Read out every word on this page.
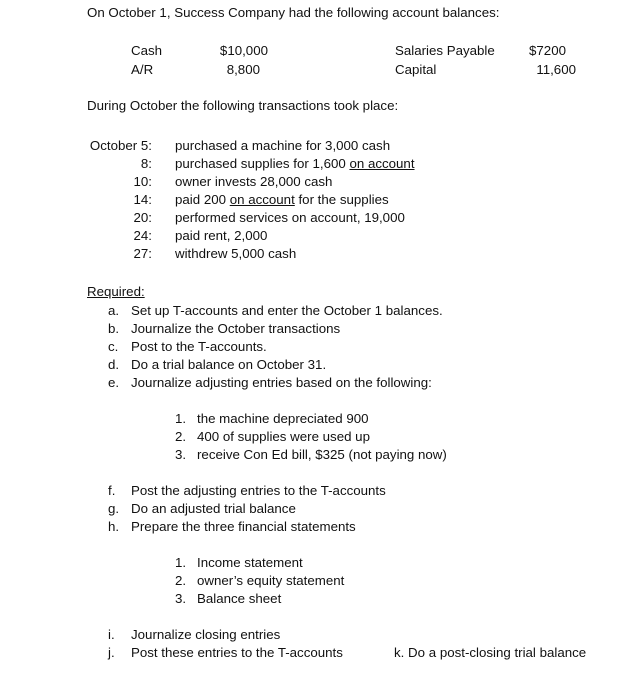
On October 1, Success Company had the following account balances:
Cash	$10,000
A/R	8,800
Salaries Payable	$7200
Capital	11,600
During October the following transactions took place:
October 5: purchased a machine for 3,000 cash
8: purchased supplies for 1,600 on account
10: owner invests 28,000 cash
14: paid 200 on account for the supplies
20: performed services on account, 19,000
24: paid rent, 2,000
27: withdrew 5,000 cash
Required:
a. Set up T-accounts and enter the October 1 balances.
b. Journalize the October transactions
c. Post to the T-accounts.
d. Do a trial balance on October 31.
e. Journalize adjusting entries based on the following:
1. the machine depreciated 900
2. 400 of supplies were used up
3. receive Con Ed bill, $325 (not paying now)
f. Post the adjusting entries to the T-accounts
g. Do an adjusted trial balance
h. Prepare the three financial statements
1. Income statement
2. owner’s equity statement
3. Balance sheet
i. Journalize closing entries
j. Post these entries to the T-accounts	k. Do a post-closing trial balance
